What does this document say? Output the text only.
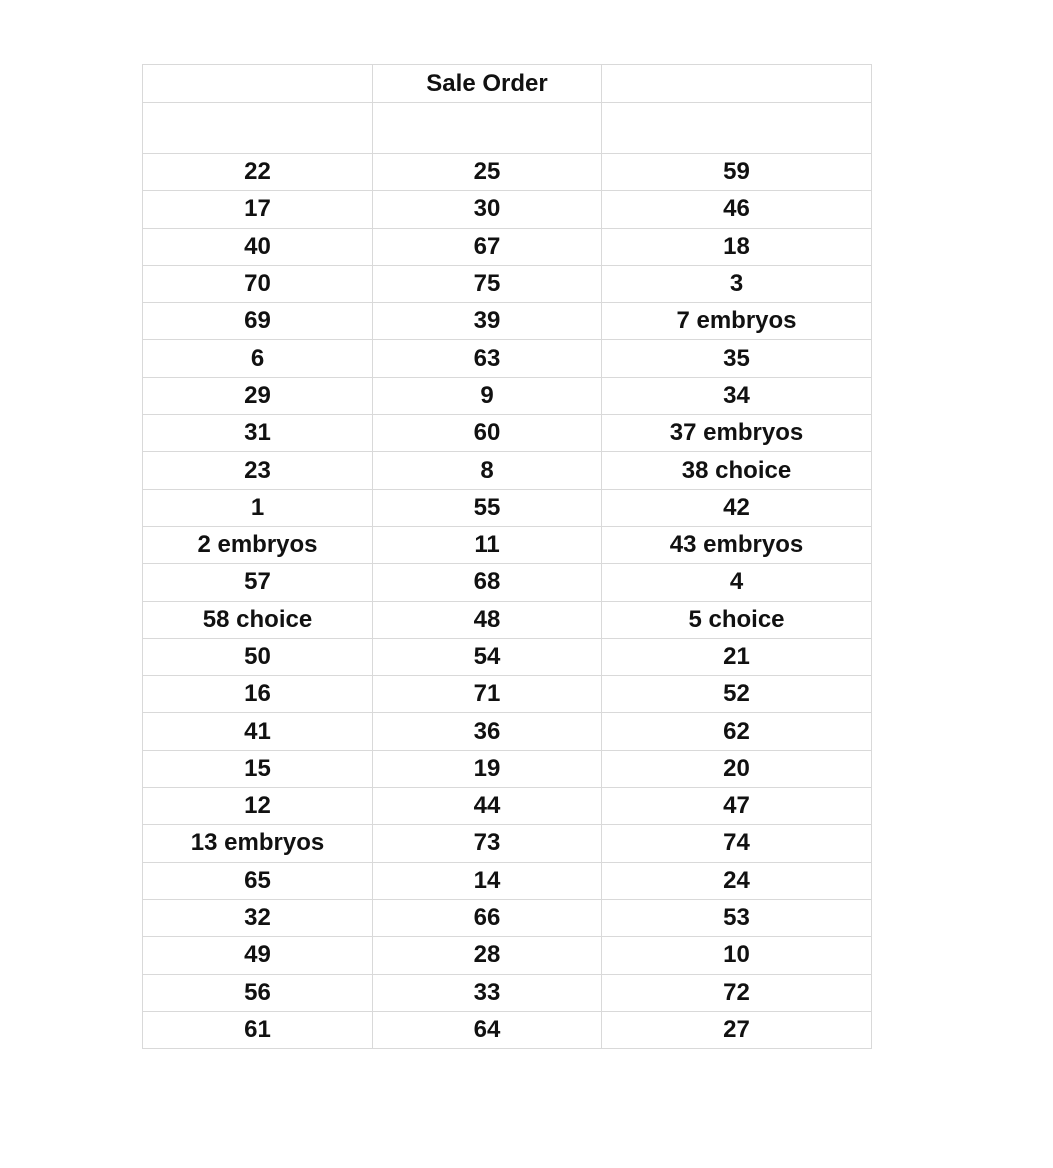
	Sale Order	

22	25	59
17	30	46
40	67	18
70	75	3
69	39	7 embryos
6	63	35
29	9	34
31	60	37 embryos
23	8	38 choice
1	55	42
2 embryos	11	43 embryos
57	68	4
58 choice	48	5 choice
50	54	21
16	71	52
41	36	62
15	19	20
12	44	47
13 embryos	73	74
65	14	24
32	66	53
49	28	10
56	33	72
61	64	27
